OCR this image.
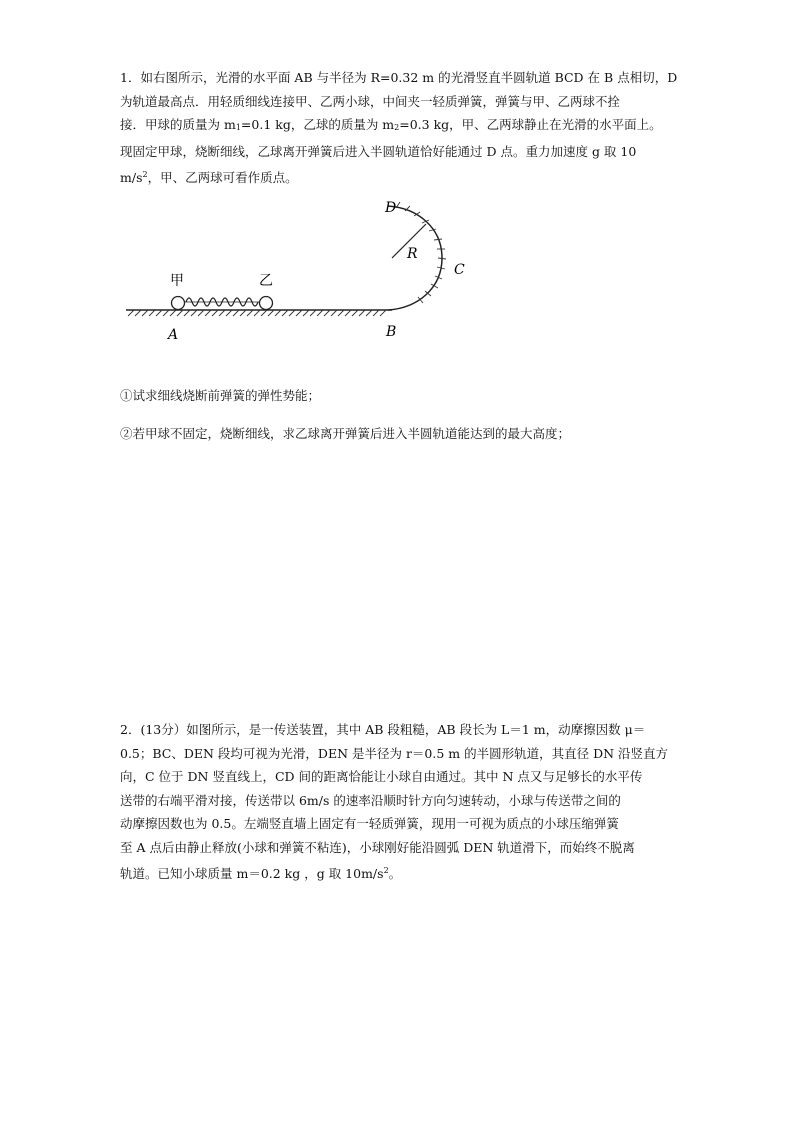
1．如右图所示，光滑的水平面 AB 与半径为 R=0.32 m 的光滑竖直半圆轨道 BCD 在 B 点相切，D
为轨道最高点．用轻质细线连接甲、乙两小球，中间夹一轻质弹簧，弹簧与甲、乙两球不拴
接．甲球的质量为 $m_1=0.1$ kg，乙球的质量为 $m_2=0.3$ kg，甲、乙两球静止在光滑的水平面上。
现固定甲球，烧断细线，乙球离开弹簧后进入半圆轨道恰好能通过 D 点。重力加速度 g 取 10
$m/s^2$，甲、乙两球可看作质点。
甲	乙
A	B
C
D
R

①试求细线烧断前弹簧的弹性势能；

②若甲球不固定，烧断细线，求乙球离开弹簧后进入半圆轨道能达到的最大高度；

2．(13分）如图所示，是一传送装置，其中 AB 段粗糙，AB 段长为 L＝1 m，动摩擦因数 μ＝
0.5；BC、DEN 段均可视为光滑，DEN 是半径为 r＝0.5 m 的半圆形轨道，其直径 DN 沿竖直方
向，C 位于 DN 竖直线上，CD 间的距离恰能让小球自由通过。其中 N 点又与足够长的水平传
送带的右端平滑对接，传送带以 6m/s 的速率沿顺时针方向匀速转动，小球与传送带之间的
动摩擦因数也为 0.5。左端竖直墙上固定有一轻质弹簧，现用一可视为质点的小球压缩弹簧
至 A 点后由静止释放(小球和弹簧不粘连)，小球刚好能沿圆弧 DEN 轨道滑下，而始终不脱离
轨道。已知小球质量 m＝0.2 kg ，g 取 $10m/s^2$。
